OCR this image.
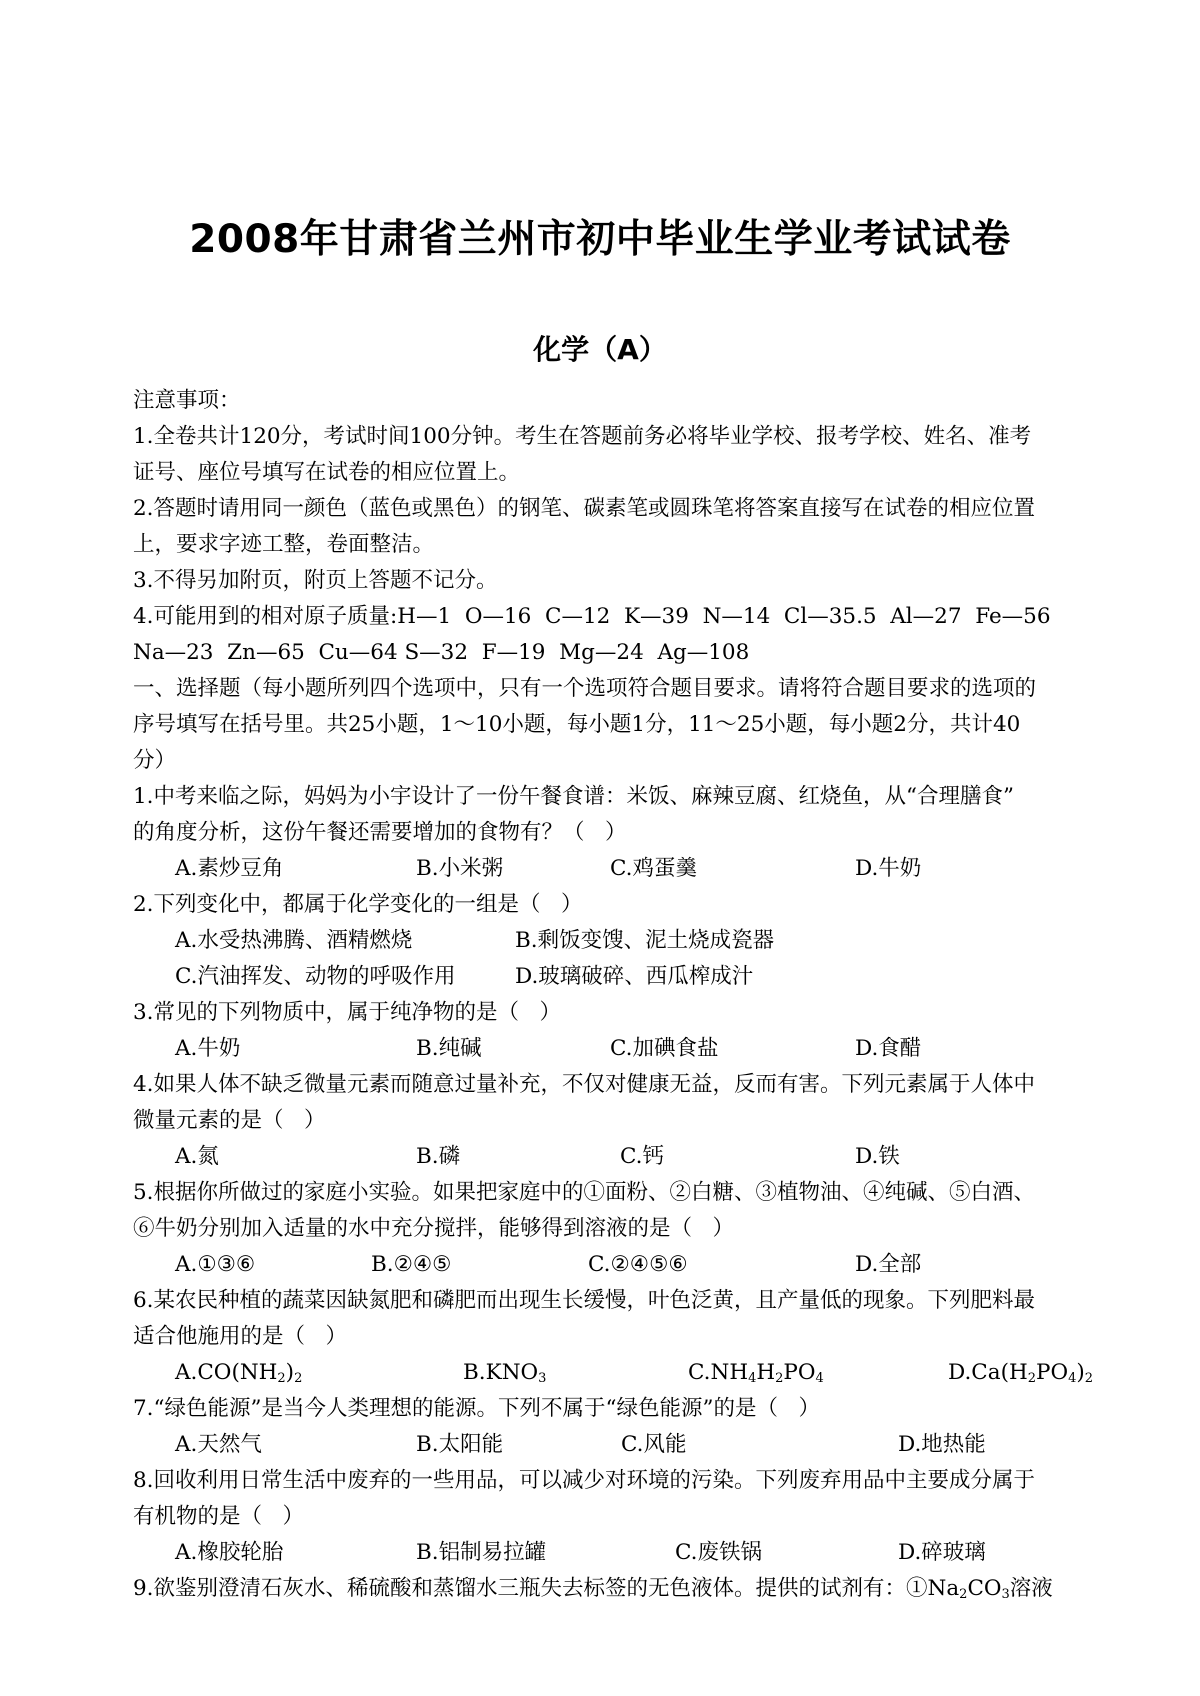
2008年甘肃省兰州市初中毕业生学业考试试卷
化学（A）
注意事项：
1.全卷共计120分，考试时间100分钟。考生在答题前务必将毕业学校、报考学校、姓名、准考
证号、座位号填写在试卷的相应位置上。
2.答题时请用同一颜色（蓝色或黑色）的钢笔、碳素笔或圆珠笔将答案直接写在试卷的相应位置
上，要求字迹工整，卷面整洁。
3.不得另加附页，附页上答题不记分。
4.可能用到的相对原子质量:H—1  O—16  C—12  K—39  N—14  Cl—35.5  Al—27  Fe—56
Na—23  Zn—65  Cu—64 S—32  F—19  Mg—24  Ag—108
一、选择题（每小题所列四个选项中，只有一个选项符合题目要求。请将符合题目要求的选项的
序号填写在括号里。共25小题，1～10小题，每小题1分，11～25小题，每小题2分，共计40
分）
1.中考来临之际，妈妈为小宇设计了一份午餐食谱：米饭、麻辣豆腐、红烧鱼，从“合理膳食”
的角度分析，这份午餐还需要增加的食物有？（   ）
A.素炒豆角	B.小米粥	C.鸡蛋羹	D.牛奶
2.下列变化中，都属于化学变化的一组是（   ）
A.水受热沸腾、酒精燃烧	B.剩饭变馊、泥土烧成瓷器
C.汽油挥发、动物的呼吸作用	D.玻璃破碎、西瓜榨成汁
3.常见的下列物质中，属于纯净物的是（   ）
A.牛奶	B.纯碱	C.加碘食盐	D.食醋
4.如果人体不缺乏微量元素而随意过量补充，不仅对健康无益，反而有害。下列元素属于人体中
微量元素的是（   ）
A.氮	B.磷	C.钙	D.铁
5.根据你所做过的家庭小实验。如果把家庭中的①面粉、②白糖、③植物油、④纯碱、⑤白酒、
⑥牛奶分别加入适量的水中充分搅拌，能够得到溶液的是（   ）
A.①③⑥	B.②④⑤	C.②④⑤⑥	D.全部
6.某农民种植的蔬菜因缺氮肥和磷肥而出现生长缓慢，叶色泛黄，且产量低的现象。下列肥料最
适合他施用的是（   ）
$A.CO(NH_2)_2$	$B.KNO_3$	$C.NH_4H_2PO_4$	$D.Ca(H_2PO_4)_2$
7.“绿色能源”是当今人类理想的能源。下列不属于“绿色能源”的是（   ）
A.天然气	B.太阳能	C.风能	D.地热能
8.回收利用日常生活中废弃的一些用品，可以减少对环境的污染。下列废弃用品中主要成分属于
有机物的是（   ）
A.橡胶轮胎	B.铝制易拉罐	C.废铁锅	D.碎玻璃
9.欲鉴别澄清石灰水、稀硫酸和蒸馏水三瓶失去标签的无色液体。提供的试剂有：$①Na_2CO_3$溶液
